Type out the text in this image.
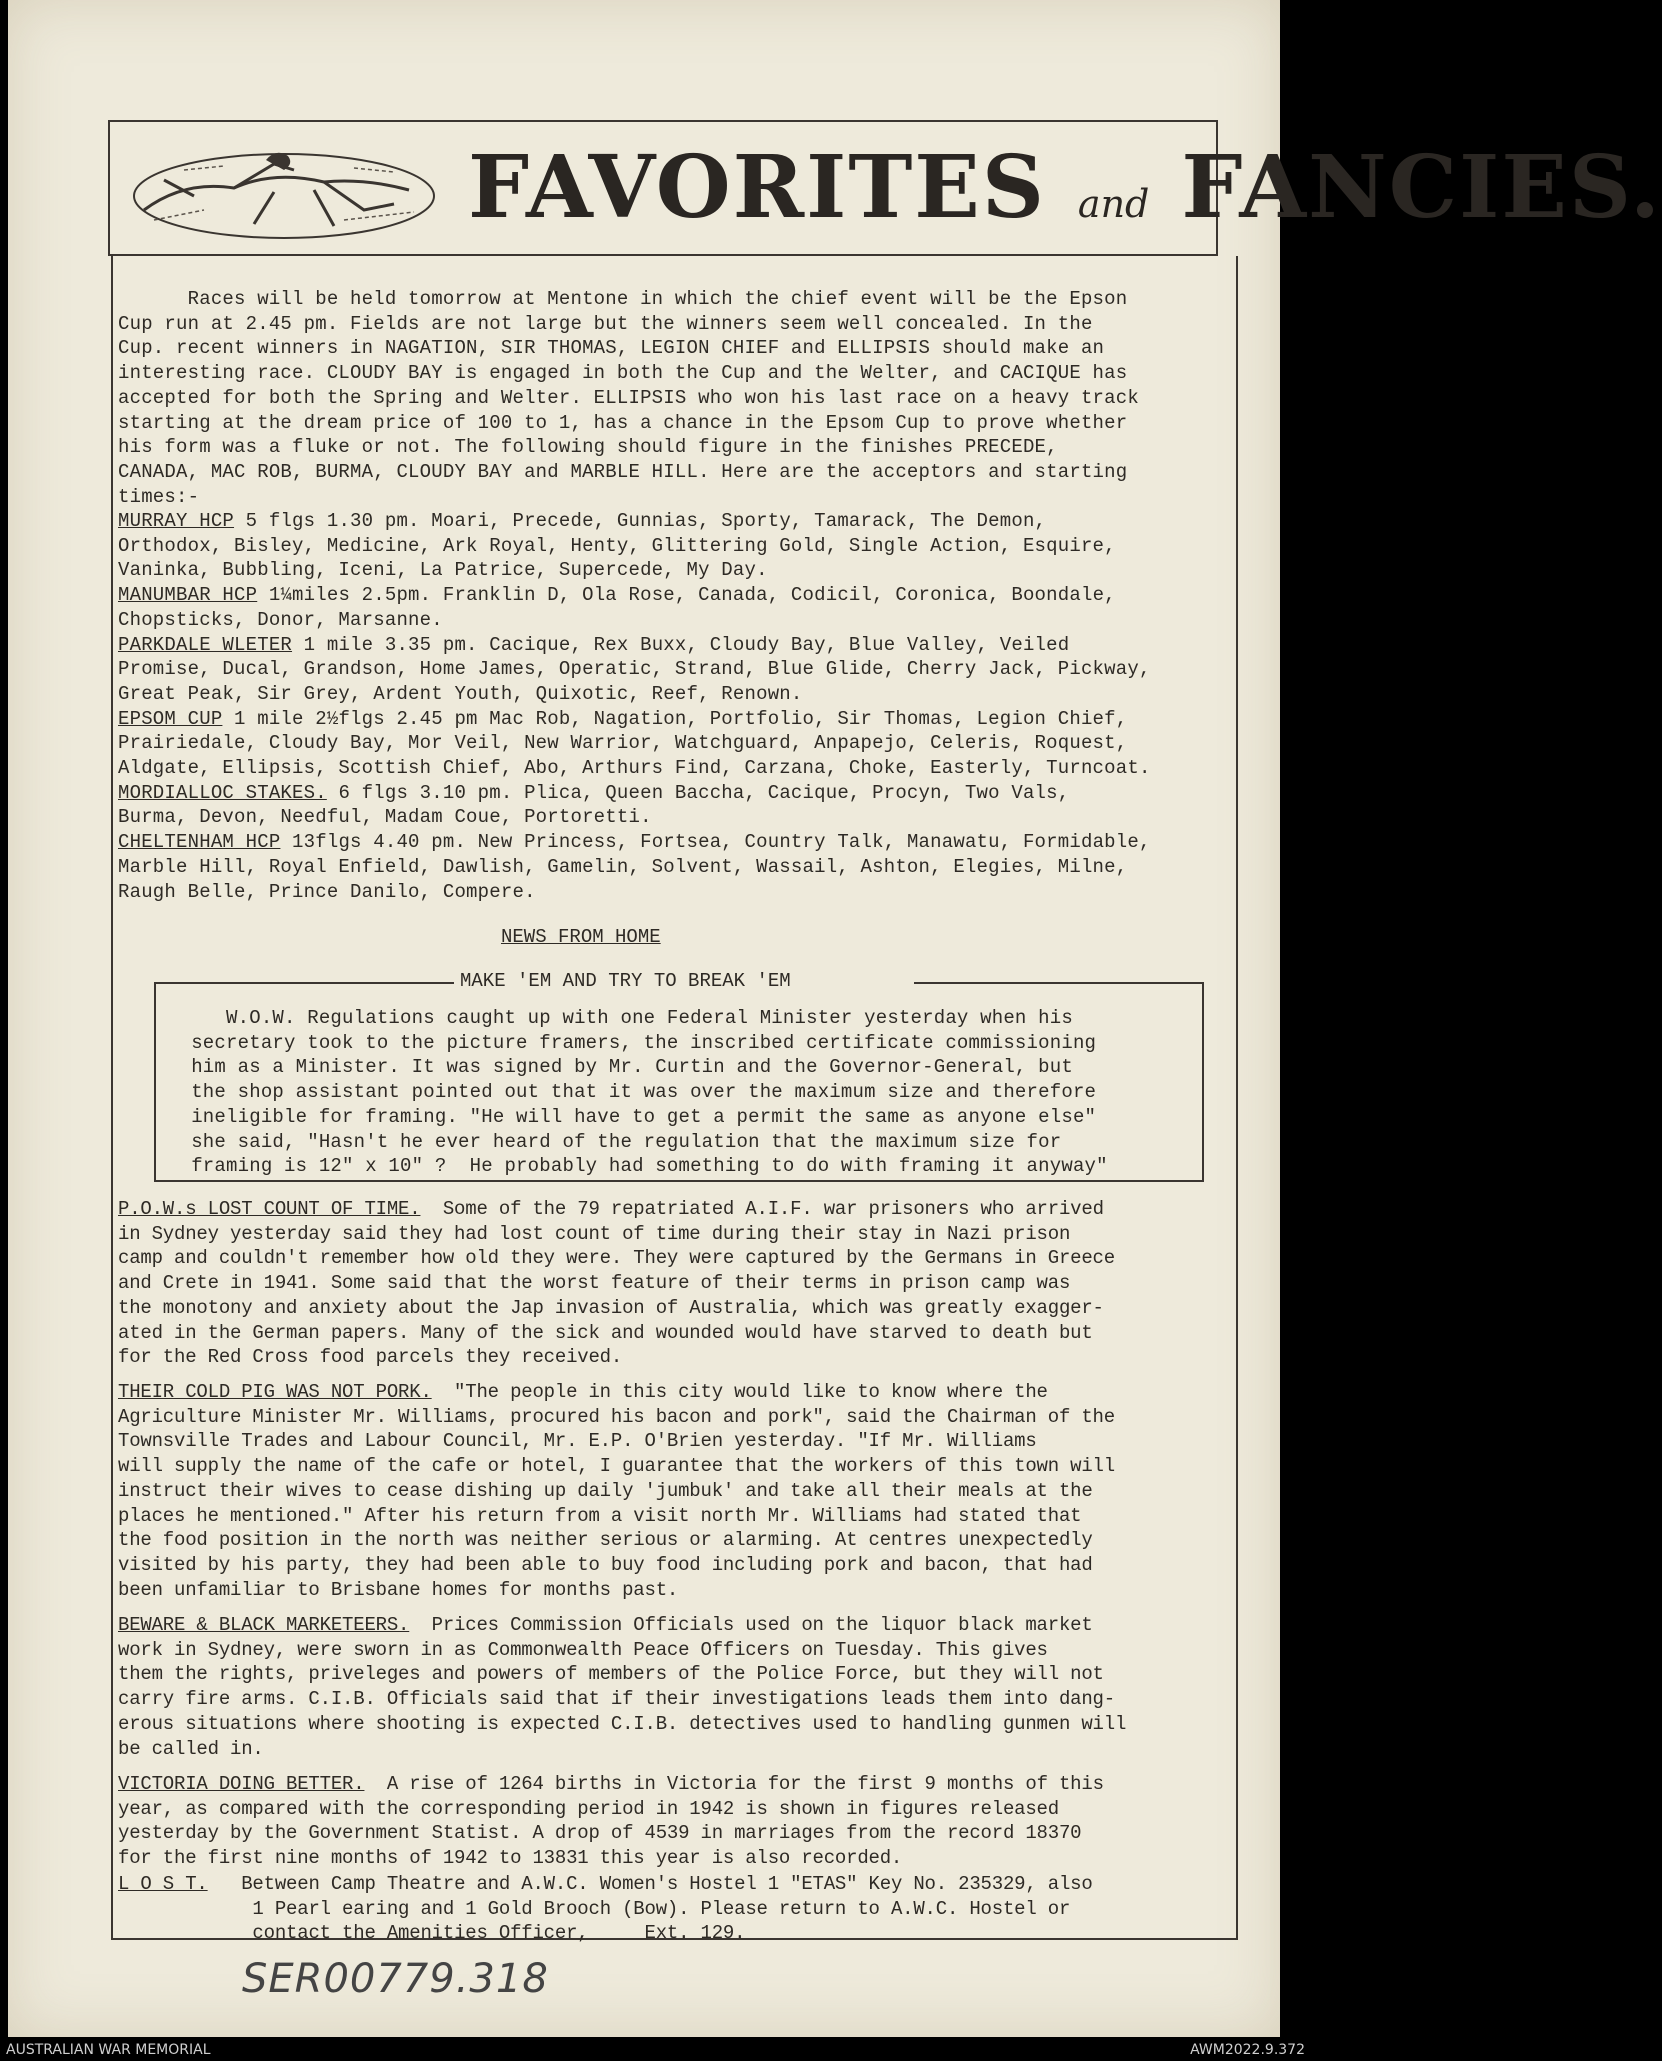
FAVORITES and FANCIES.
Races will be held tomorrow at Mentone in which the chief event will be the Epson
Cup run at 2.45 pm. Fields are not large but the winners seem well concealed. In the
Cup. recent winners in NAGATION, SIR THOMAS, LEGION CHIEF and ELLIPSIS should make an
interesting race. CLOUDY BAY is engaged in both the Cup and the Welter, and CACIQUE has
accepted for both the Spring and Welter. ELLIPSIS who won his last race on a heavy track
starting at the dream price of 100 to 1, has a chance in the Epsom Cup to prove whether
his form was a fluke or not. The following should figure in the finishes PRECEDE,
CANADA, MAC ROB, BURMA, CLOUDY BAY and MARBLE HILL. Here are the acceptors and starting
times:-
MURRAY HCP 5 flgs 1.30 pm. Moari, Precede, Gunnias, Sporty, Tamarack, The Demon,
Orthodox, Bisley, Medicine, Ark Royal, Henty, Glittering Gold, Single Action, Esquire,
Vaninka, Bubbling, Iceni, La Patrice, Supercede, My Day.
MANUMBAR HCP 1¼miles 2.5pm. Franklin D, Ola Rose, Canada, Codicil, Coronica, Boondale,
Chopsticks, Donor, Marsanne.
PARKDALE WLETER 1 mile 3.35 pm. Cacique, Rex Buxx, Cloudy Bay, Blue Valley, Veiled
Promise, Ducal, Grandson, Home James, Operatic, Strand, Blue Glide, Cherry Jack, Pickway,
Great Peak, Sir Grey, Ardent Youth, Quixotic, Reef, Renown.
EPSOM CUP 1 mile 2½flgs 2.45 pm Mac Rob, Nagation, Portfolio, Sir Thomas, Legion Chief,
Prairiedale, Cloudy Bay, Mor Veil, New Warrior, Watchguard, Anpapejo, Celeris, Roquest,
Aldgate, Ellipsis, Scottish Chief, Abo, Arthurs Find, Carzana, Choke, Easterly, Turncoat.
MORDIALLOC STAKES. 6 flgs 3.10 pm. Plica, Queen Baccha, Cacique, Procyn, Two Vals,
Burma, Devon, Needful, Madam Coue, Portoretti.
CHELTENHAM HCP 13flgs 4.40 pm. New Princess, Fortsea, Country Talk, Manawatu, Formidable,
Marble Hill, Royal Enfield, Dawlish, Gamelin, Solvent, Wassail, Ashton, Elegies, Milne,
Raugh Belle, Prince Danilo, Compere.
NEWS FROM HOME
MAKE 'EM AND TRY TO BREAK 'EM
W.O.W. Regulations caught up with one Federal Minister yesterday when his
secretary took to the picture framers, the inscribed certificate commissioning
him as a Minister. It was signed by Mr. Curtin and the Governor-General, but
the shop assistant pointed out that it was over the maximum size and therefore
ineligible for framing. "He will have to get a permit the same as anyone else"
she said, "Hasn't he ever heard of the regulation that the maximum size for
framing is 12" x 10" ?  He probably had something to do with framing it anyway"
P.O.W.s LOST COUNT OF TIME.  Some of the 79 repatriated A.I.F. war prisoners who arrived
in Sydney yesterday said they had lost count of time during their stay in Nazi prison
camp and couldn't remember how old they were. They were captured by the Germans in Greece
and Crete in 1941. Some said that the worst feature of their terms in prison camp was
the monotony and anxiety about the Jap invasion of Australia, which was greatly exagger-
ated in the German papers. Many of the sick and wounded would have starved to death but
for the Red Cross food parcels they received.
THEIR COLD PIG WAS NOT PORK.  "The people in this city would like to know where the
Agriculture Minister Mr. Williams, procured his bacon and pork", said the Chairman of the
Townsville Trades and Labour Council, Mr. E.P. O'Brien yesterday. "If Mr. Williams
will supply the name of the cafe or hotel, I guarantee that the workers of this town will
instruct their wives to cease dishing up daily 'jumbuk' and take all their meals at the
places he mentioned." After his return from a visit north Mr. Williams had stated that
the food position in the north was neither serious or alarming. At centres unexpectedly
visited by his party, they had been able to buy food including pork and bacon, that had
been unfamiliar to Brisbane homes for months past.
BEWARE & BLACK MARKETEERS.  Prices Commission Officials used on the liquor black market
work in Sydney, were sworn in as Commonwealth Peace Officers on Tuesday. This gives
them the rights, priveleges and powers of members of the Police Force, but they will not
carry fire arms. C.I.B. Officials said that if their investigations leads them into dang-
erous situations where shooting is expected C.I.B. detectives used to handling gunmen will
be called in.
VICTORIA DOING BETTER.  A rise of 1264 births in Victoria for the first 9 months of this
year, as compared with the corresponding period in 1942 is shown in figures released
yesterday by the Government Statist. A drop of 4539 in marriages from the record 18370
for the first nine months of 1942 to 13831 this year is also recorded.
L O S T.   Between Camp Theatre and A.W.C. Women's Hostel 1 "ETAS" Key No. 235329, also
1 Pearl earing and 1 Gold Brooch (Bow). Please return to A.W.C. Hostel or
contact the Amenities Officer,     Ext. 129.
SER00779.318
AUSTRALIAN WAR MEMORIAL	AWM2022.9.372
